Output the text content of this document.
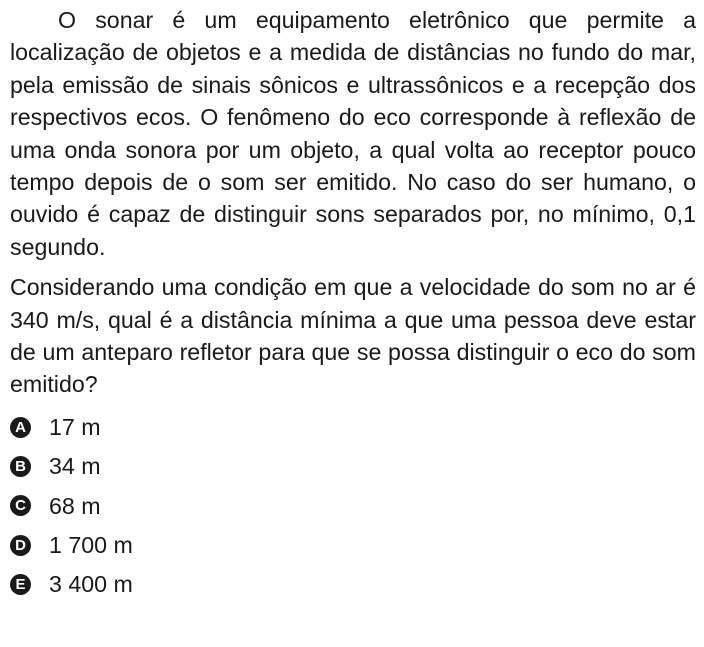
O sonar é um equipamento eletrônico que permite a localização de objetos e a medida de distâncias no fundo do mar, pela emissão de sinais sônicos e ultrassônicos e a recepção dos respectivos ecos. O fenômeno do eco corresponde à reflexão de uma onda sonora por um objeto, a qual volta ao receptor pouco tempo depois de o som ser emitido. No caso do ser humano, o ouvido é capaz de distinguir sons separados por, no mínimo, 0,1 segundo.

Considerando uma condição em que a velocidade do som no ar é 340 m/s, qual é a distância mínima a que uma pessoa deve estar de um anteparo refletor para que se possa distinguir o eco do som emitido?

A 17 m
B 34 m
C 68 m
D 1 700 m
E 3 400 m
